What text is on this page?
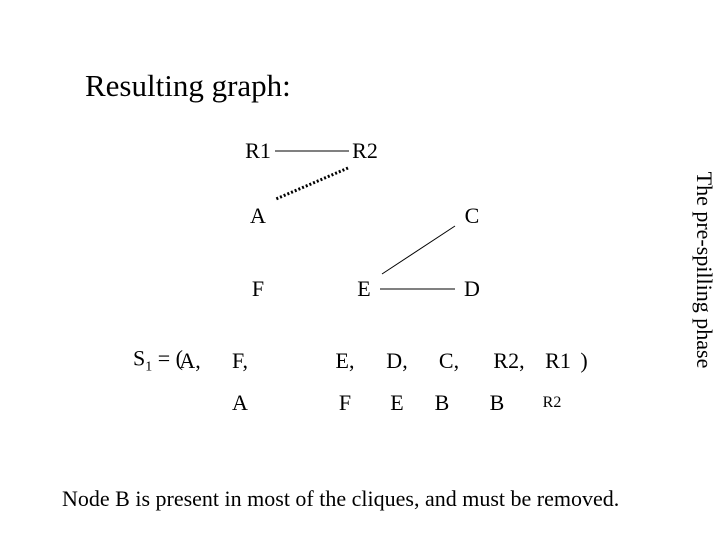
Resulting graph:
R1	R2
A	C
F	E	D
$S_1$ = (
A, F,	E, D, C, R2, R1 )
A	F E B B R2
The pre-spilling phase
Node B is present in most of the cliques, and must be removed.
